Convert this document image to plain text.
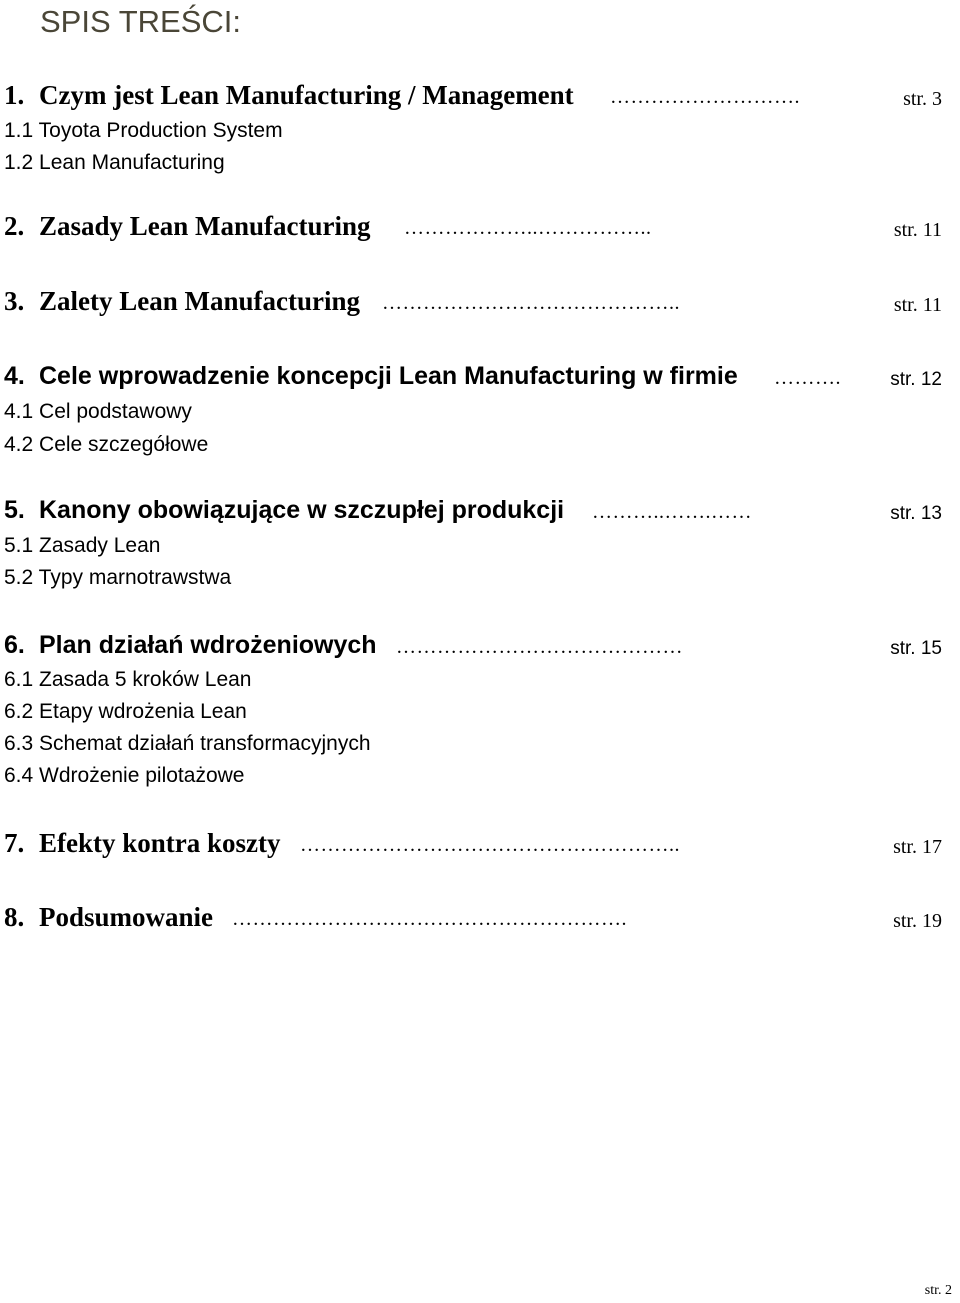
SPIS TREŚCI:
1. Czym jest Lean Manufacturing / Management ……………………….	str. 3
1.1 Toyota Production System
1.2 Lean Manufacturing
2. Zasady Lean Manufacturing ………………..……………..	str. 11
3. Zalety Lean Manufacturing ……………………………………..	str. 11
4. Cele wprowadzenie koncepcji Lean Manufacturing w firmie ……….	str. 12
4.1 Cel podstawowy
4.2 Cele szczegółowe
5. Kanony obowiązujące w szczupłej produkcji ………..…….……	str. 13
5.1 Zasady Lean
5.2 Typy marnotrawstwa
6. Plan działań wdrożeniowych ……………………………………	str. 15
6.1 Zasada 5 kroków Lean
6.2 Etapy wdrożenia Lean
6.3 Schemat działań transformacyjnych
6.4 Wdrożenie pilotażowe
7. Efekty kontra koszty ………………………………………………..	str. 17
8. Podsumowanie ………………………………………………….	str. 19
str. 2
